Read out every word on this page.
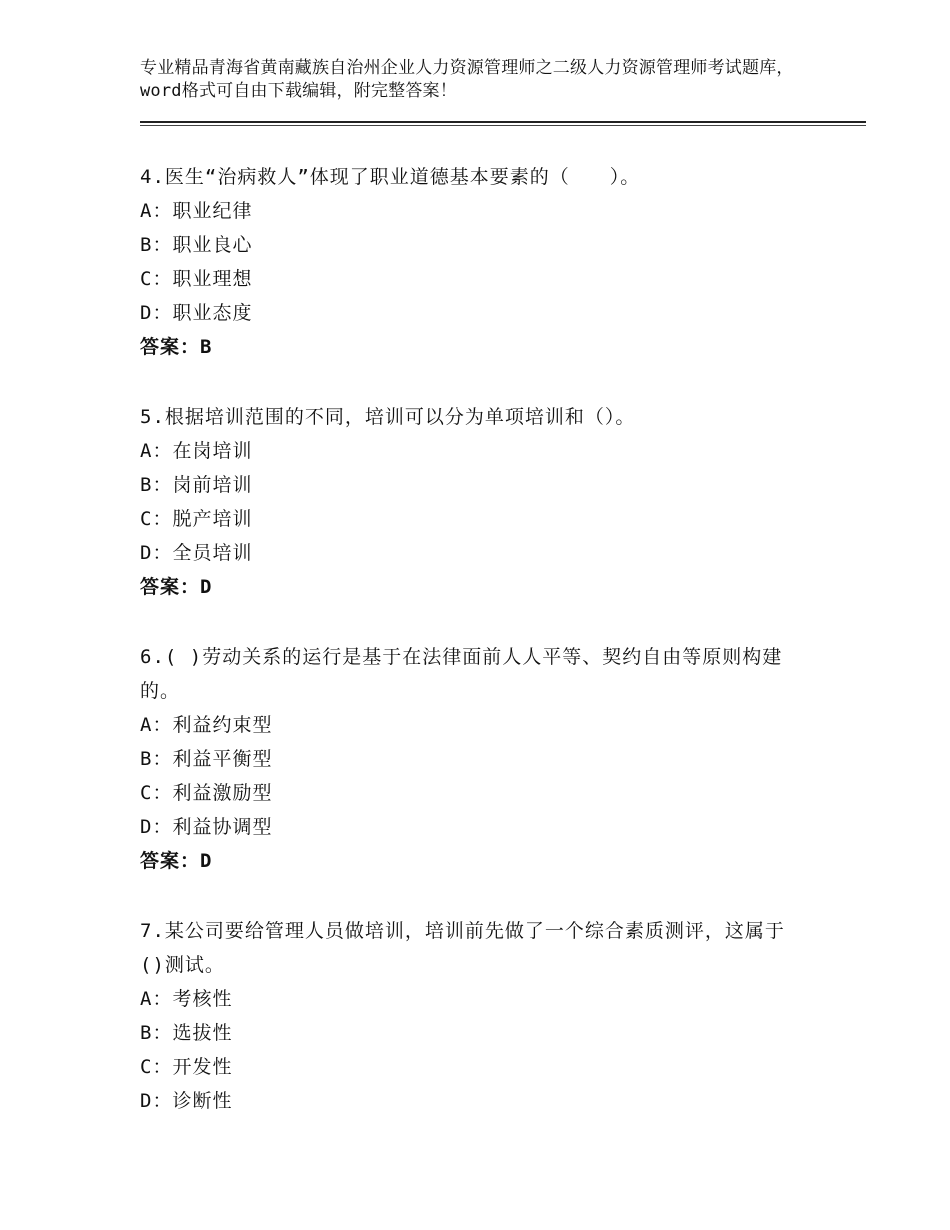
专业精品青海省黄南藏族自治州企业人力资源管理师之二级人力资源管理师考试题库，word格式可自由下载编辑，附完整答案！
4.医生“治病救人”体现了职业道德基本要素的（　　）。
A：职业纪律
B：职业良心
C：职业理想
D：职业态度
答案：B
5.根据培训范围的不同，培训可以分为单项培训和（）。
A：在岗培训
B：岗前培训
C：脱产培训
D：全员培训
答案：D
6.( )劳动关系的运行是基于在法律面前人人平等、契约自由等原则构建的。
A：利益约束型
B：利益平衡型
C：利益激励型
D：利益协调型
答案：D
7.某公司要给管理人员做培训，培训前先做了一个综合素质测评，这属于()测试。
A：考核性
B：选拔性
C：开发性
D：诊断性
